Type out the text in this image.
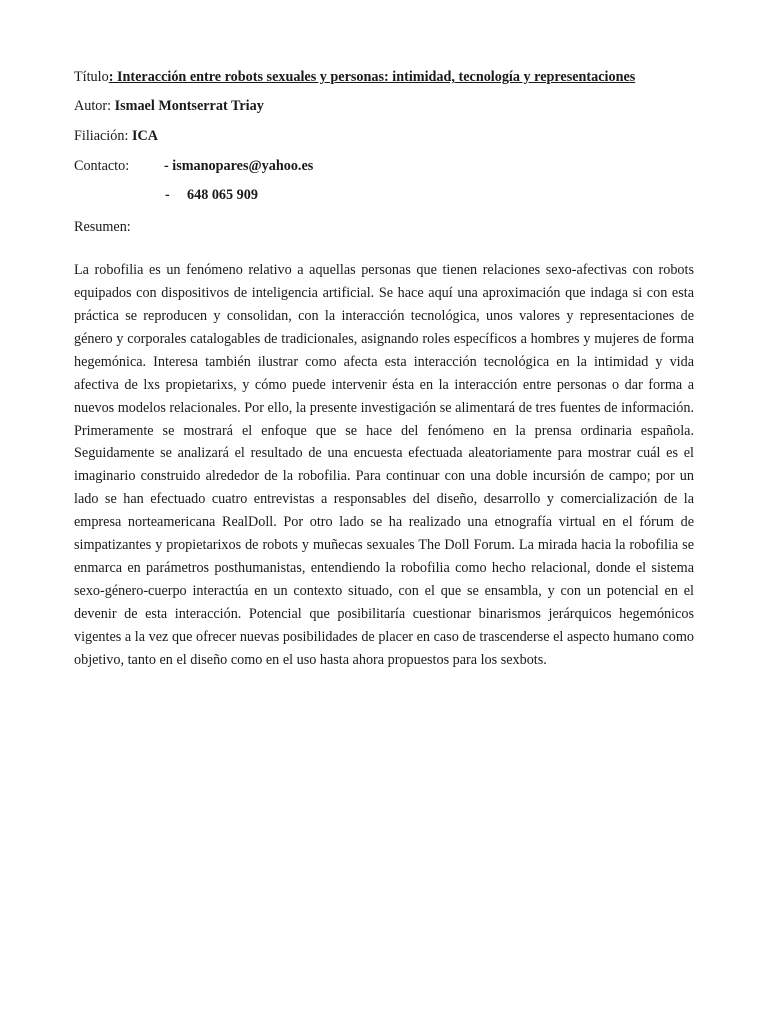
Título: Interacción entre robots sexuales y personas: intimidad, tecnología y representaciones
Autor: Ismael Montserrat Triay
Filiación: ICA
Contacto: - ismanopares@yahoo.es
- 648 065 909
Resumen:

La robofilia es un fenómeno relativo a aquellas personas que tienen relaciones sexo-afectivas con robots equipados con dispositivos de inteligencia artificial. Se hace aquí una aproximación que indaga si con esta práctica se reproducen y consolidan, con la interacción tecnológica, unos valores y representaciones de género y corporales catalogables de tradicionales, asignando roles específicos a hombres y mujeres de forma hegemónica. Interesa también ilustrar como afecta esta interacción tecnológica en la intimidad y vida afectiva de lxs propietarixs, y cómo puede intervenir ésta en la interacción entre personas o dar forma a nuevos modelos relacionales. Por ello, la presente investigación se alimentará de tres fuentes de información. Primeramente se mostrará el enfoque que se hace del fenómeno en la prensa ordinaria española. Seguidamente se analizará el resultado de una encuesta efectuada aleatoriamente para mostrar cuál es el imaginario construido alrededor de la robofilia. Para continuar con una doble incursión de campo; por un lado se han efectuado cuatro entrevistas a responsables del diseño, desarrollo y comercialización de la empresa norteamericana RealDoll. Por otro lado se ha realizado una etnografía virtual en el fórum de simpatizantes y propietarixos de robots y muñecas sexuales The Doll Forum. La mirada hacia la robofilia se enmarca en parámetros posthumanistas, entendiendo la robofilia como hecho relacional, donde el sistema sexo-género-cuerpo interactúa en un contexto situado, con el que se ensambla, y con un potencial en el devenir de esta interacción. Potencial que posibilitaría cuestionar binarismos jerárquicos hegemónicos vigentes a la vez que ofrecer nuevas posibilidades de placer en caso de trascenderse el aspecto humano como objetivo, tanto en el diseño como en el uso hasta ahora propuestos para los sexbots.
